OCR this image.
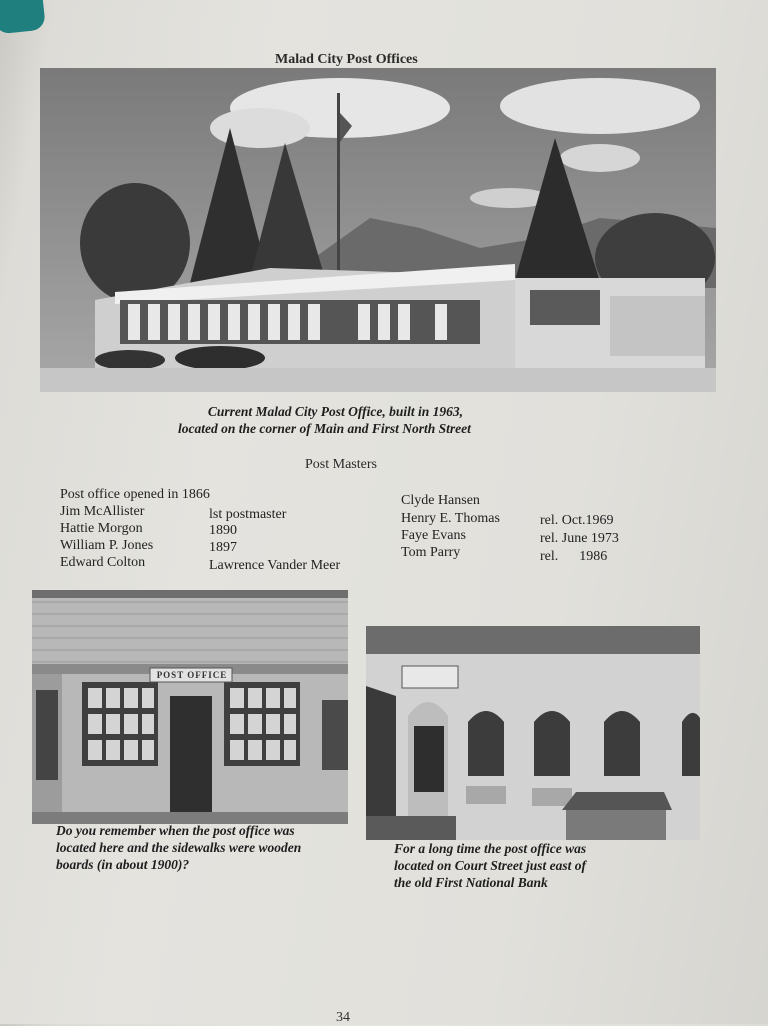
Malad City Post Offices
Current Malad City Post Office, built in 1963,
located on the corner of Main and First North Street
Post Masters
Post office opened in 1866
Jim McAllister	lst postmaster
Hattie Morgon	1890
William P. Jones	1897
Edward Colton	Lawrence Vander Meer
Clyde Hansen
Henry E. Thomas	rel. Oct.1969
Faye Evans	rel. June 1973
Tom Parry	rel.      1986
POST OFFICE
Do you remember when the post office was
located here and the sidewalks were wooden
boards (in about 1900)?
For a long time the post office was
located on Court Street just east of
the old First National Bank
34
